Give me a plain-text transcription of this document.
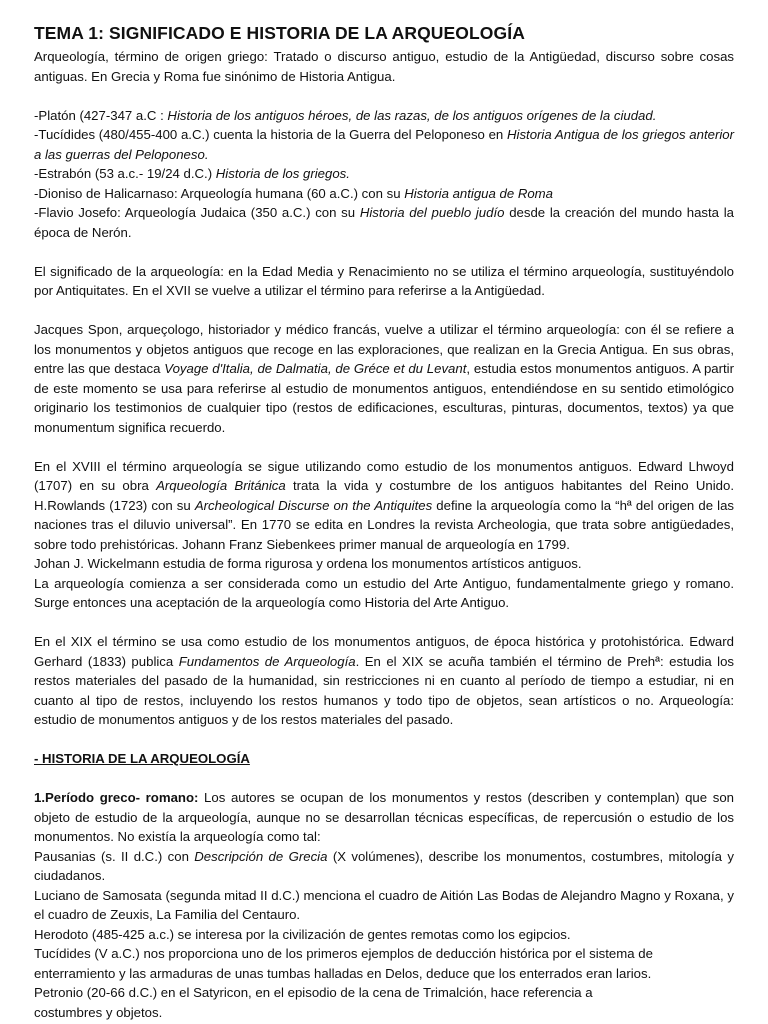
TEMA 1: SIGNIFICADO E HISTORIA DE LA ARQUEOLOGÍA

Arqueología, término de origen griego: Tratado o discurso antiguo, estudio de la Antigüedad, discurso sobre cosas antiguas. En Grecia y Roma fue sinónimo de Historia Antigua.

-Platón (427-347 a.C : Historia de los antiguos héroes, de las razas, de los antiguos orígenes de la ciudad.

-Tucídides (480/455-400 a.C.) cuenta la historia de la Guerra del Peloponeso en Historia Antigua de los griegos anterior a las guerras del Peloponeso.

-Estrabón (53 a.c.- 19/24 d.C.) Historia de los griegos.

-Dioniso de Halicarnaso: Arqueología humana (60 a.C.) con su Historia antigua de Roma

-Flavio Josefo: Arqueología Judaica (350 a.C.) con su Historia del pueblo judío desde la creación del mundo hasta la época de Nerón.

El significado de la arqueología: en la Edad Media y Renacimiento no se utiliza el término arqueología, sustituyéndolo por Antiquitates. En el XVII se vuelve a utilizar el término para referirse a la Antigüedad.

Jacques Spon, arqueçologo, historiador y médico francás, vuelve a utilizar el término arqueología: con él se refiere a los monumentos y objetos antiguos que recoge en las exploraciones, que realizan en la Grecia Antigua. En sus obras, entre las que destaca Voyage d'Italia, de Dalmatia, de Gréce et du Levant, estudia estos monumentos antiguos. A partir de este momento se usa para referirse al estudio de monumentos antiguos, entendiéndose en su sentido etimológico originario los testimonios de cualquier tipo (restos de edificaciones, esculturas, pinturas, documentos, textos) ya que monumentum significa recuerdo.

En el XVIII el término arqueología se sigue utilizando como estudio de los monumentos antiguos. Edward Lhwoyd (1707) en su obra Arqueología Británica trata la vida y costumbre de los antiguos habitantes del Reino Unido. H.Rowlands (1723) con su Archeological Discurse on the Antiquites define la arqueología como la “hª del origen de las naciones tras el diluvio universal”. En 1770 se edita en Londres la revista Archeologia, que trata sobre antigüedades, sobre todo prehistóricas. Johann Franz Siebenkees primer manual de arqueología en 1799.

Johan J. Wickelmann estudia de forma rigurosa y ordena los monumentos artísticos antiguos.

La arqueología comienza a ser considerada como un estudio del Arte Antiguo, fundamentalmente griego y romano. Surge entonces una aceptación de la arqueología como Historia del Arte Antiguo.

En el XIX el término se usa como estudio de los monumentos antiguos, de época histórica y protohistórica. Edward Gerhard (1833) publica Fundamentos de Arqueología. En el XIX se acuña también el término de Prehª: estudia los restos materiales del pasado de la humanidad, sin restricciones ni en cuanto al período de tiempo a estudiar, ni en cuanto al tipo de restos, incluyendo los restos humanos y todo tipo de objetos, sean artísticos o no. Arqueología: estudio de monumentos antiguos y de los restos materiales del pasado.

- HISTORIA DE LA ARQUEOLOGÍA

1.Período greco- romano: Los autores se ocupan de los monumentos y restos (describen y contemplan) que son objeto de estudio de la arqueología, aunque no se desarrollan técnicas específicas, de repercusión o estudio de los monumentos. No existía la arqueología como tal:

Pausanias (s. II d.C.) con Descripción de Grecia (X volúmenes), describe los monumentos, costumbres, mitología y ciudadanos.

Luciano de Samosata (segunda mitad II d.C.) menciona el cuadro de Aitión Las Bodas de Alejandro Magno y Roxana, y el cuadro de Zeuxis, La Familia del Centauro.

Herodoto (485-425 a.c.) se interesa por la civilización de gentes remotas como los egipcios.

Tucídides (V a.C.) nos proporciona uno de los primeros ejemplos de deducción histórica por el sistema de enterramiento y las armaduras de unas tumbas halladas en Delos, deduce que los enterrados eran larios.

Petronio (20-66 d.C.) en el Satyricon, en el episodio de la cena de Trimalción, hace referencia a

costumbres y objetos.
